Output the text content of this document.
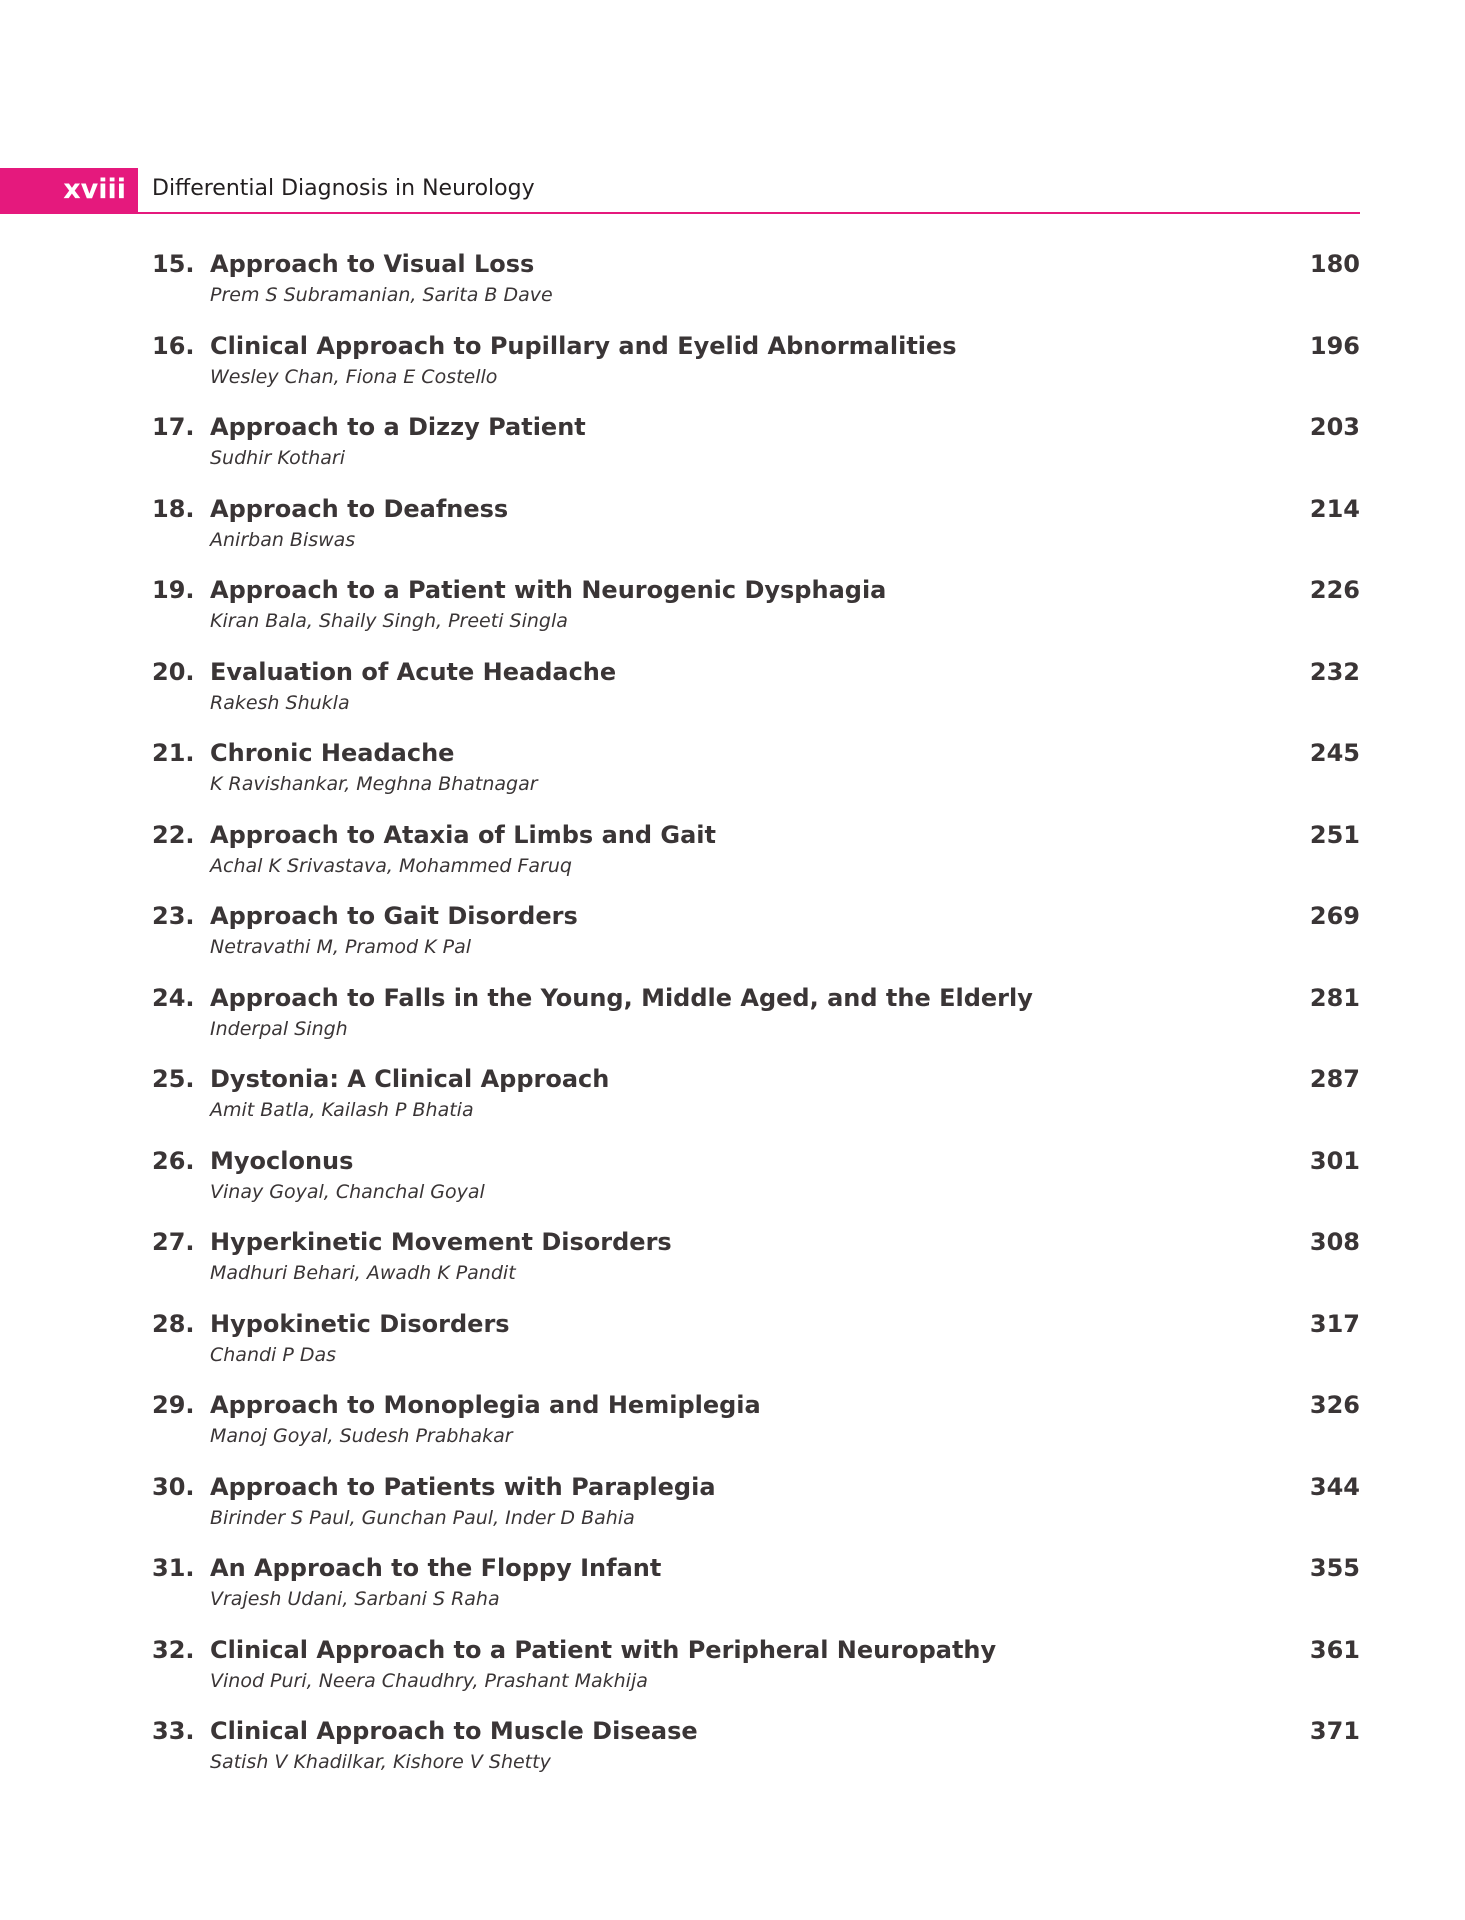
xviii	Differential Diagnosis in Neurology
15. Approach to Visual Loss	180
Prem S Subramanian, Sarita B Dave
16. Clinical Approach to Pupillary and Eyelid Abnormalities	196
Wesley Chan, Fiona E Costello
17. Approach to a Dizzy Patient	203
Sudhir Kothari
18. Approach to Deafness	214
Anirban Biswas
19. Approach to a Patient with Neurogenic Dysphagia	226
Kiran Bala, Shaily Singh, Preeti Singla
20. Evaluation of Acute Headache	232
Rakesh Shukla
21. Chronic Headache	245
K Ravishankar, Meghna Bhatnagar
22. Approach to Ataxia of Limbs and Gait	251
Achal K Srivastava, Mohammed Faruq
23. Approach to Gait Disorders	269
Netravathi M, Pramod K Pal
24. Approach to Falls in the Young, Middle Aged, and the Elderly	281
Inderpal Singh
25. Dystonia: A Clinical Approach	287
Amit Batla, Kailash P Bhatia
26. Myoclonus	301
Vinay Goyal, Chanchal Goyal
27. Hyperkinetic Movement Disorders	308
Madhuri Behari, Awadh K Pandit
28. Hypokinetic Disorders	317
Chandi P Das
29. Approach to Monoplegia and Hemiplegia	326
Manoj Goyal, Sudesh Prabhakar
30. Approach to Patients with Paraplegia	344
Birinder S Paul, Gunchan Paul, Inder D Bahia
31. An Approach to the Floppy Infant	355
Vrajesh Udani, Sarbani S Raha
32. Clinical Approach to a Patient with Peripheral Neuropathy	361
Vinod Puri, Neera Chaudhry, Prashant Makhija
33. Clinical Approach to Muscle Disease	371
Satish V Khadilkar, Kishore V Shetty
